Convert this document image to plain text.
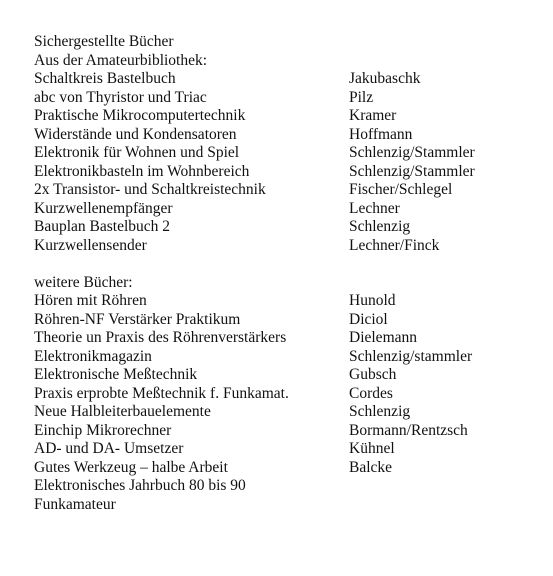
Sichergestellte Bücher
Aus der Amateurbibliothek:
Schaltkreis Bastelbuch	Jakubaschk
abc von Thyristor und Triac	Pilz
Praktische Mikrocomputertechnik	Kramer
Widerstände und Kondensatoren	Hoffmann
Elektronik für Wohnen und Spiel	Schlenzig/Stammler
Elektronikbasteln im Wohnbereich	Schlenzig/Stammler
2x Transistor- und Schaltkreistechnik	Fischer/Schlegel
Kurzwellenempfänger	Lechner
Bauplan Bastelbuch 2	Schlenzig
Kurzwellensender	Lechner/Finck
weitere Bücher:
Hören mit Röhren	Hunold
Röhren-NF Verstärker Praktikum	Diciol
Theorie un Praxis des Röhrenverstärkers	Dielemann
Elektronikmagazin	Schlenzig/stammler
Elektronische Meßtechnik	Gubsch
Praxis erprobte Meßtechnik f. Funkamat.	Cordes
Neue Halbleiterbauelemente	Schlenzig
Einchip Mikrorechner	Bormann/Rentzsch
AD- und DA- Umsetzer	Kühnel
Gutes Werkzeug – halbe Arbeit	Balcke
Elektronisches Jahrbuch 80 bis 90
Funkamateur
